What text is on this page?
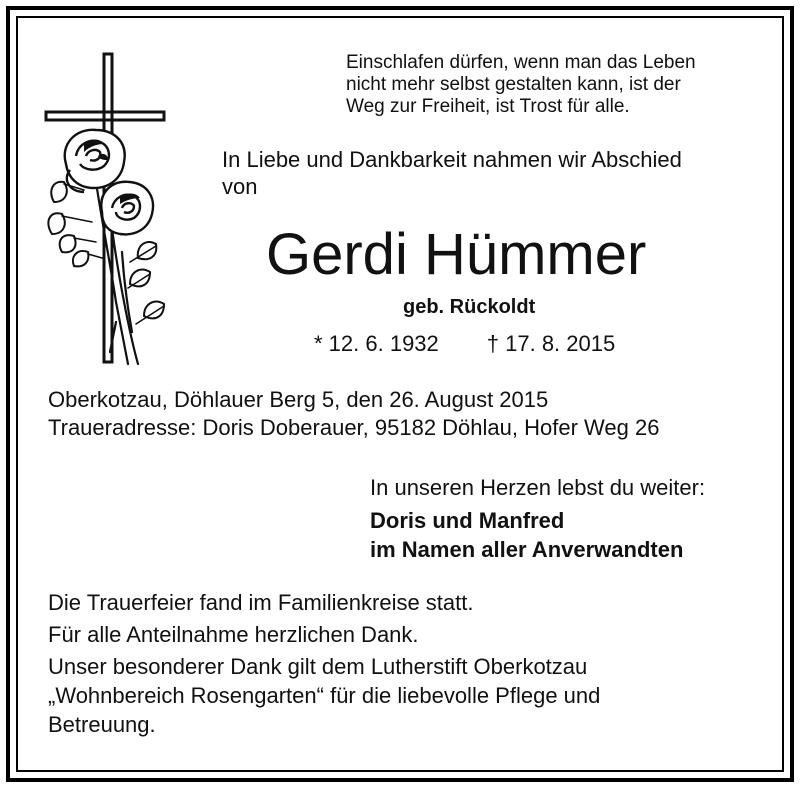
Einschlafen dürfen, wenn man das Leben
nicht mehr selbst gestalten kann, ist der
Weg zur Freiheit, ist Trost für alle.
In Liebe und Dankbarkeit nahmen wir Abschied
von
Gerdi Hümmer
geb. Rückoldt
* 12. 6. 1932 † 17. 8. 2015
Oberkotzau, Döhlauer Berg 5, den 26. August 2015
Traueradresse: Doris Doberauer, 95182 Döhlau, Hofer Weg 26
In unseren Herzen lebst du weiter:
Doris und Manfred
im Namen aller Anverwandten
Die Trauerfeier fand im Familienkreise statt.
Für alle Anteilnahme herzlichen Dank.
Unser besonderer Dank gilt dem Lutherstift Oberkotzau
„Wohnbereich Rosengarten“ für die liebevolle Pflege und
Betreuung.
